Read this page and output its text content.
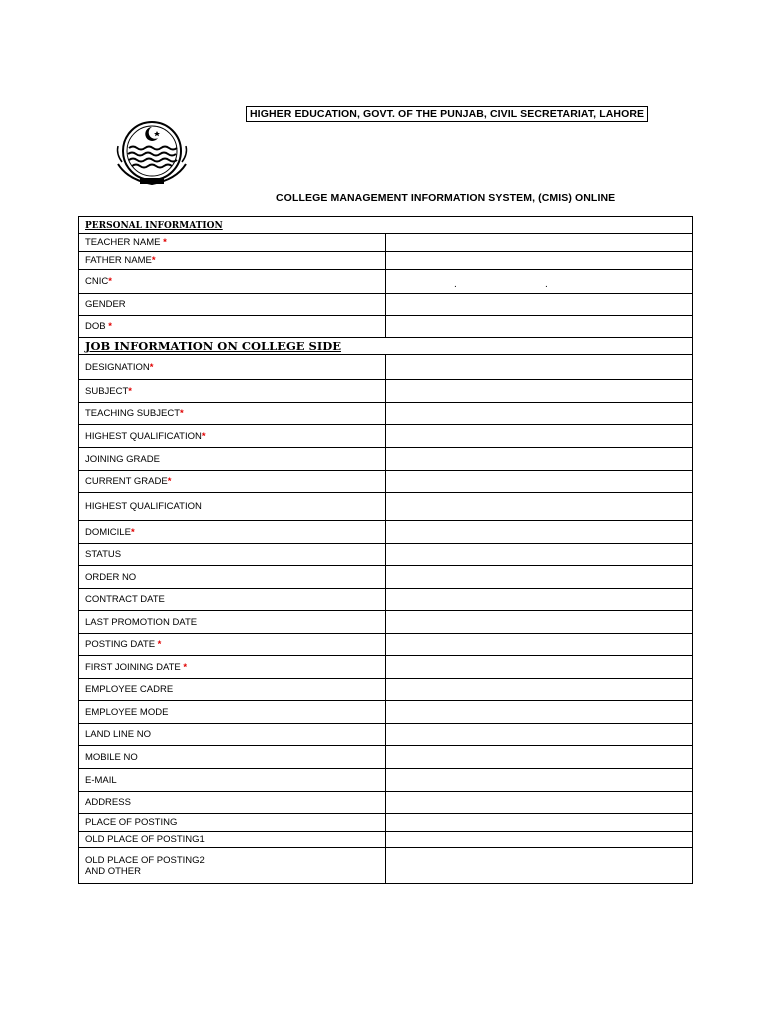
HIGHER EDUCATION, GOVT. OF THE PUNJAB, CIVIL SECRETARIAT, LAHORE
COLLEGE MANAGEMENT INFORMATION SYSTEM, (CMIS) ONLINE
PERSONAL INFORMATION	
TEACHER NAME *	
FATHER NAME*	
CNIC*	. .

GENDER	
DOB *	
JOB INFORMATION ON COLLEGE SIDE	
DESIGNATION*	
SUBJECT*	
TEACHING SUBJECT*	
HIGHEST QUALIFICATION*	
JOINING GRADE	
CURRENT GRADE*	
HIGHEST QUALIFICATION	
DOMICILE*	
STATUS	
ORDER NO	
CONTRACT DATE	
LAST PROMOTION DATE	
POSTING DATE *	
FIRST JOINING DATE *	
EMPLOYEE CADRE	
EMPLOYEE MODE	
LAND LINE NO	
MOBILE NO	
E-MAIL	
ADDRESS	
PLACE OF POSTING	
OLD PLACE OF POSTING1	
OLD PLACE OF POSTING2
AND OTHER	
